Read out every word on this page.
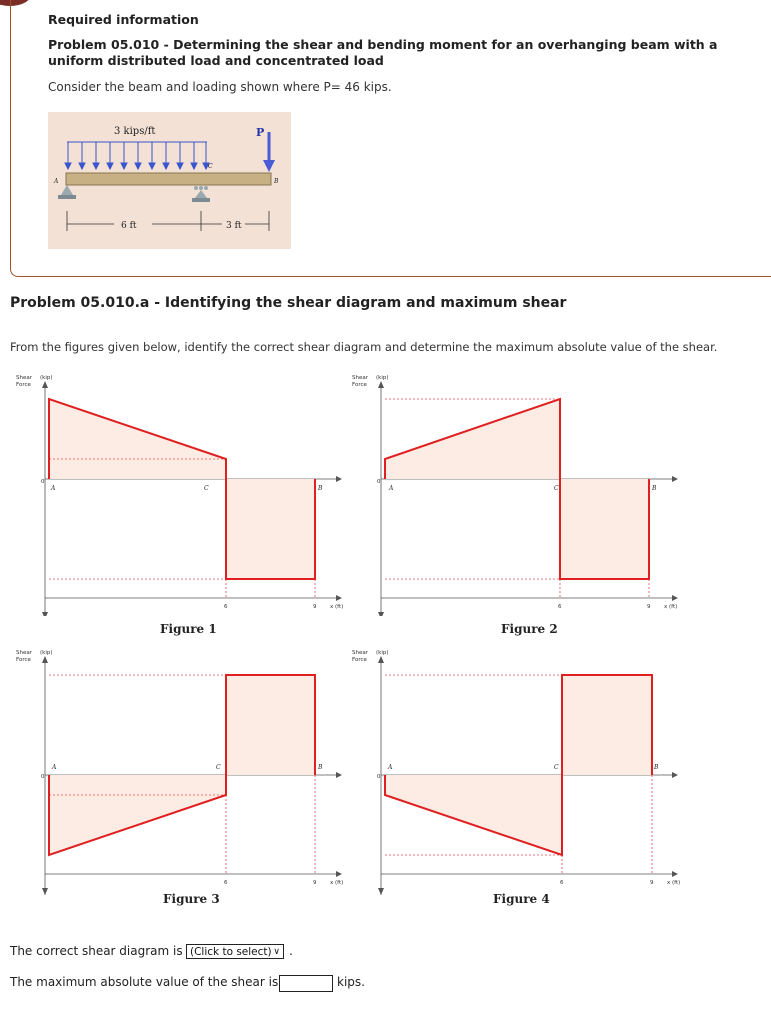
Required information
Problem 05.010 - Determining the shear and bending moment for an overhanging beam with a uniform distributed load and concentrated load
Consider the beam and loading shown where P= 46 kips.
3 kips/ft	P
A	B
C
6 ft	3 ft
Problem 05.010.a - Identifying the shear diagram and maximum shear
From the figures given below, identify the correct shear diagram and determine the maximum absolute value of the shear.
Shear
Force
(kip)
0
A	C	B
6	9 x (ft)
Figure 1
Shear
Force
(kip)
0
A	C	B
6	9 x (ft)
Figure 2
Shear
Force
(kip)
0
A	C	B
6	9 x (ft)
Figure 3
Shear
Force
(kip)
0
A	C	B
6	9 x (ft)
Figure 4
The correct shear diagram is (Click to select) ∨ .
The maximum absolute value of the shear is	kips.
